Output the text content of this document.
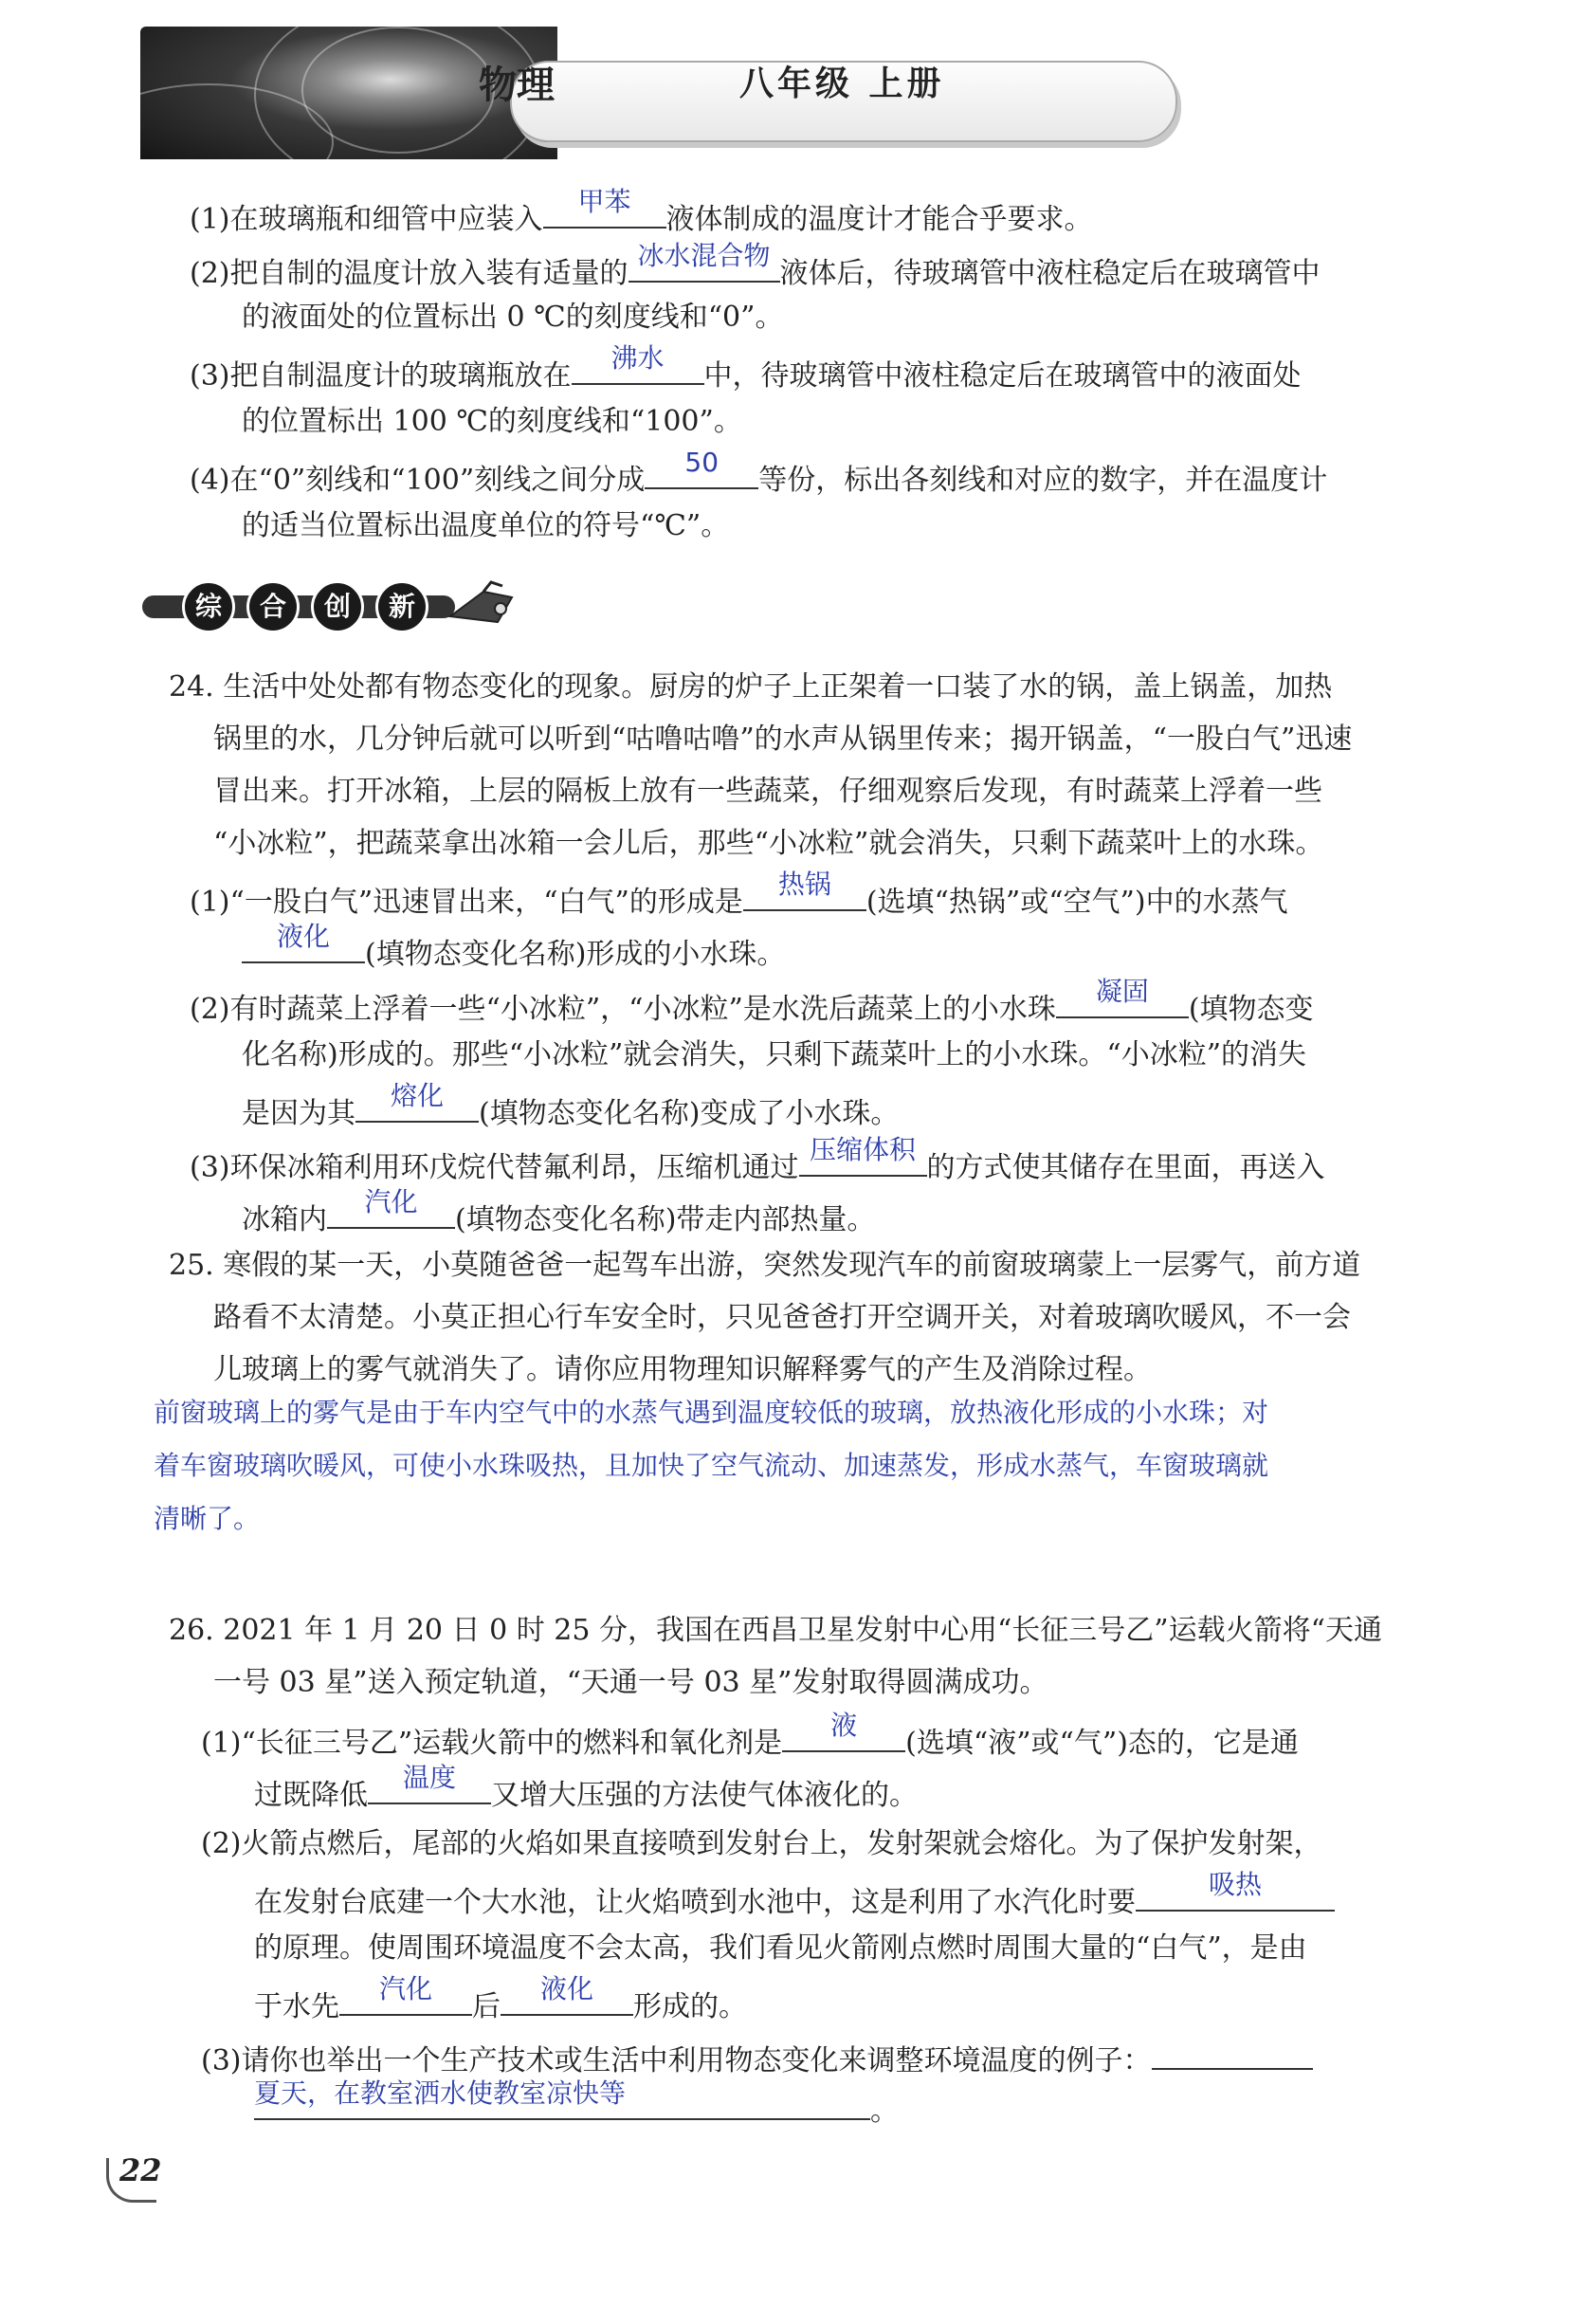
物理	八年级 上册
(1)在玻璃瓶和细管中应装入
甲苯
液体制成的温度计才能合乎要求。
(2)把自制的温度计放入装有适量的
冰水混合物
液体后，待玻璃管中液柱稳定后在玻璃管中
的液面处的位置标出 0 ℃的刻度线和“0”。
(3)把自制温度计的玻璃瓶放在
沸水
中，待玻璃管中液柱稳定后在玻璃管中的液面处
的位置标出 100 ℃的刻度线和“100”。
(4)在“0”刻线和“100”刻线之间分成
50
等份，标出各刻线和对应的数字，并在温度计
的适当位置标出温度单位的符号“℃”。
综	合	创	新
24. 生活中处处都有物态变化的现象。厨房的炉子上正架着一口装了水的锅，盖上锅盖，加热
锅里的水，几分钟后就可以听到“咕噜咕噜”的水声从锅里传来；揭开锅盖，“一股白气”迅速
冒出来。打开冰箱，上层的隔板上放有一些蔬菜，仔细观察后发现，有时蔬菜上浮着一些
“小冰粒”，把蔬菜拿出冰箱一会儿后，那些“小冰粒”就会消失，只剩下蔬菜叶上的水珠。
(1)“一股白气”迅速冒出来，“白气”的形成是
热锅
(选填“热锅”或“空气”)中的水蒸气
液化
(填物态变化名称)形成的小水珠。
(2)有时蔬菜上浮着一些“小冰粒”，“小冰粒”是水洗后蔬菜上的小水珠
凝固
(填物态变
化名称)形成的。那些“小冰粒”就会消失，只剩下蔬菜叶上的小水珠。“小冰粒”的消失
是因为其
熔化
(填物态变化名称)变成了小水珠。
(3)环保冰箱利用环戊烷代替氟利昂，压缩机通过
压缩体积
的方式使其储存在里面，再送入
冰箱内
汽化
(填物态变化名称)带走内部热量。
25. 寒假的某一天，小莫随爸爸一起驾车出游，突然发现汽车的前窗玻璃蒙上一层雾气，前方道
路看不太清楚。小莫正担心行车安全时，只见爸爸打开空调开关，对着玻璃吹暖风，不一会
儿玻璃上的雾气就消失了。请你应用物理知识解释雾气的产生及消除过程。
前窗玻璃上的雾气是由于车内空气中的水蒸气遇到温度较低的玻璃，放热液化形成的小水珠；对
着车窗玻璃吹暖风，可使小水珠吸热，且加快了空气流动、加速蒸发，形成水蒸气，车窗玻璃就
清晰了。
26. 2021 年 1 月 20 日 0 时 25 分，我国在西昌卫星发射中心用“长征三号乙”运载火箭将“天通
一号 03 星”送入预定轨道，“天通一号 03 星”发射取得圆满成功。
(1)“长征三号乙”运载火箭中的燃料和氧化剂是
液
(选填“液”或“气”)态的，它是通
过既降低
温度
又增大压强的方法使气体液化的。
(2)火箭点燃后，尾部的火焰如果直接喷到发射台上，发射架就会熔化。为了保护发射架，
在发射台底建一个大水池，让火焰喷到水池中，这是利用了水汽化时要
吸热
的原理。使周围环境温度不会太高，我们看见火箭刚点燃时周围大量的“白气”，是由
于水先
汽化
后
液化
形成的。
(3)请你也举出一个生产技术或生活中利用物态变化来调整环境温度的例子：
夏天，在教室洒水使教室凉快等
。
22
